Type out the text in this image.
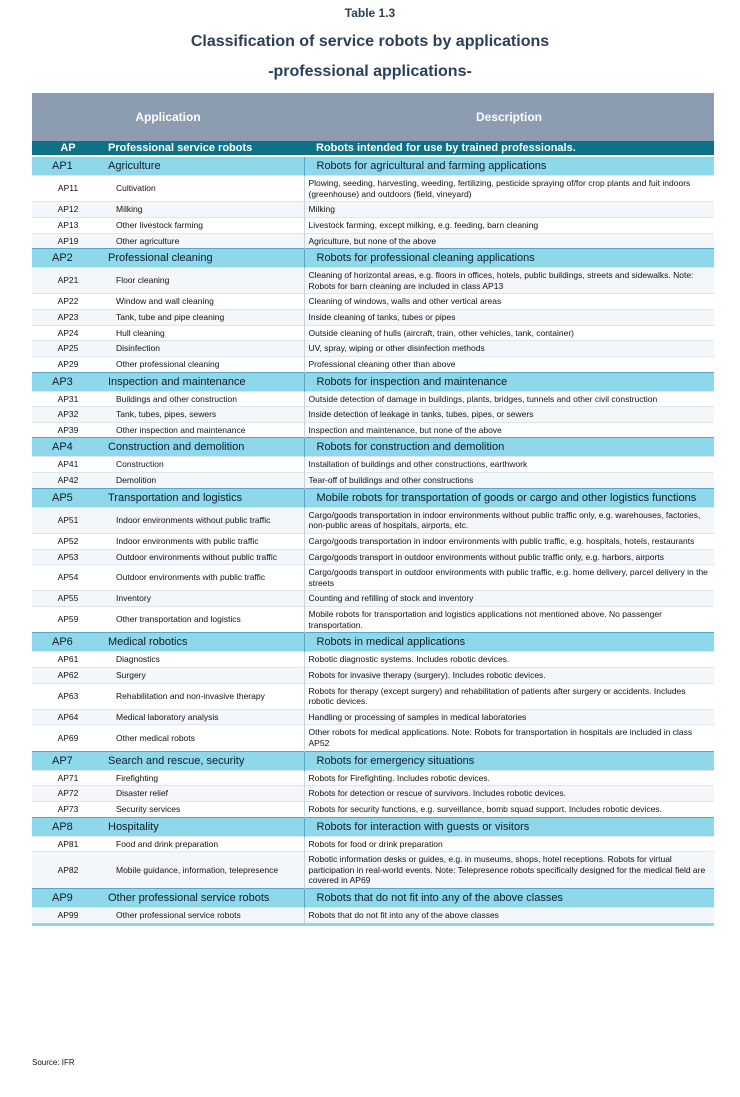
Table 1.3
Classification of service robots by applications
-professional applications-
Application		Description
AP	Professional service robots	Robots intended for use by trained professionals.
AP1	Agriculture	Robots for agricultural and farming applications
AP11	Cultivation	Plowing, seeding, harvesting, weeding, fertilizing, pesticide spraying of/for crop plants and fuit indoors (greenhouse) and outdoors (field, vineyard)
AP12	Milking	Milking
AP13	Other livestock farming	Livestock farming, except milking, e.g. feeding, barn cleaning
AP19	Other agriculture	Agriculture, but none of the above
AP2	Professional cleaning	Robots for professional cleaning applications
AP21	Floor cleaning	Cleaning of horizontal areas, e.g. floors in offices, hotels, public buildings, streets and sidewalks. Note: Robots for barn cleaning are included in class AP13
AP22	Window and wall cleaning	Cleaning of windows, walls and other vertical areas
AP23	Tank, tube and pipe cleaning	Inside cleaning of tanks, tubes or pipes
AP24	Hull cleaning	Outside cleaning of hulls (aircraft, train, other vehicles, tank, container)
AP25	Disinfection	UV, spray, wiping or other disinfection methods
AP29	Other professional cleaning	Professional cleaning other than above
AP3	Inspection and maintenance	Robots for inspection and maintenance
AP31	Buildings and other construction	Outside detection of damage in buildings, plants, bridges, tunnels and other civil construction
AP32	Tank, tubes, pipes, sewers	Inside detection of leakage in tanks, tubes, pipes, or sewers
AP39	Other inspection and maintenance	Inspection and maintenance, but none of the above
AP4	Construction and demolition	Robots for construction and demolition
AP41	Construction	Installation of buildings and other constructions, earthwork
AP42	Demolition	Tear-off of buildings and other constructions
AP5	Transportation and logistics	Mobile robots for transportation of goods or cargo and other logistics functions
AP51	Indoor environments without public traffic	Cargo/goods transportation in indoor environments without public traffic only, e.g. warehouses, factories, non-public areas of hospitals, airports, etc.
AP52	Indoor environments with public traffic	Cargo/goods transportation in indoor environments with public traffic, e.g. hospitals, hotels, restaurants
AP53	Outdoor environments without public traffic	Cargo/goods transport in outdoor environments without public traffic only, e.g. harbors, airports
AP54	Outdoor environments with public traffic	Cargo/goods transport in outdoor environments with public traffic, e.g. home delivery, parcel delivery in the streets
AP55	Inventory	Counting and refilling of stock and inventory
AP59	Other transportation and logistics	Mobile robots for transportation and logistics applications not mentioned above. No passenger transportation.
AP6	Medical robotics	Robots in medical applications
AP61	Diagnostics	Robotic diagnostic systems. Includes robotic devices.
AP62	Surgery	Robots for invasive therapy (surgery). Includes robotic devices.
AP63	Rehabilitation and non-invasive therapy	Robots for therapy (except surgery) and rehabilitation of patients after surgery or accidents. Includes robotic devices.
AP64	Medical laboratory analysis	Handling or processing of samples in medical laboratories
AP69	Other medical robots	Other robots for medical applications. Note: Robots for transportation in hospitals are included in class AP52
AP7	Search and rescue, security	Robots for emergency situations
AP71	Firefighting	Robots for Firefighting. Includes robotic devices.
AP72	Disaster relief	Robots for detection or rescue of survivors. Includes robotic devices.
AP73	Security services	Robots for security functions, e.g. surveillance, bomb squad support. Includes robotic devices.
AP8	Hospitality	Robots for interaction with guests or visitors
AP81	Food and drink preparation	Robots for food or drink preparation
AP82	Mobile guidance, information, telepresence	Robotic information desks or guides, e.g. in museums, shops, hotel receptions. Robots for virtual participation in real-world events. Note: Telepresence robots specifically designed for the medical field are covered in AP69
AP9	Other professional service robots	Robots that do not fit into any of the above classes
AP99	Other professional service robots	Robots that do not fit into any of the above classes

Source: IFR
